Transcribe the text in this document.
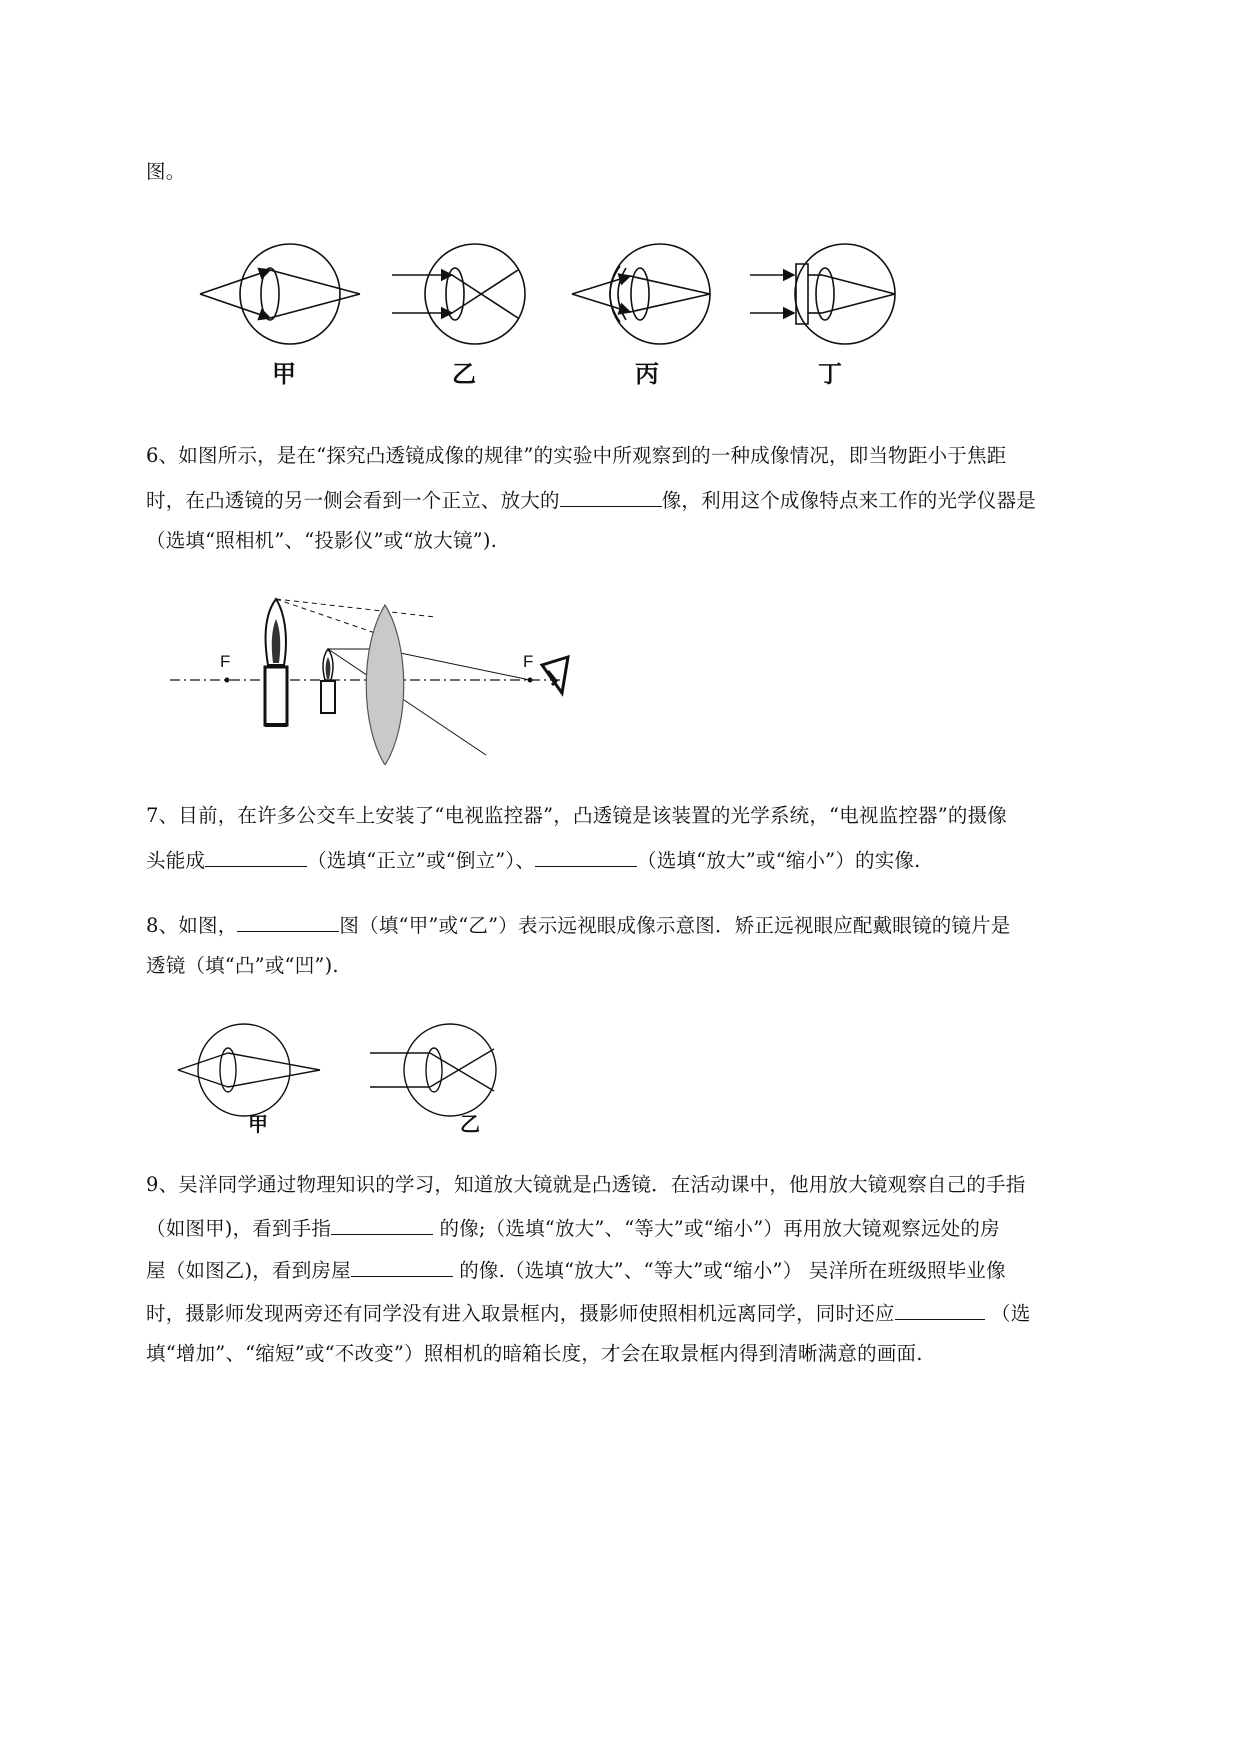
图。
甲	乙	丙	丁
6、如图所示，是在“探究凸透镜成像的规律”的实验中所观察到的一种成像情况，即当物距小于焦距
时，在凸透镜的另一侧会看到一个正立、放大的	像，利用这个成像特点来工作的光学仪器是
（选填“照相机”、“投影仪”或“放大镜”).
F	F
7、目前，在许多公交车上安装了“电视监控器”，凸透镜是该装置的光学系统，“电视监控器”的摄像
头能成	（选填“正立”或“倒立”）、	（选填“放大”或“缩小”）的实像.
8、如图，	图（填“甲”或“乙”）表示远视眼成像示意图．矫正远视眼应配戴眼镜的镜片是
透镜（填“凸”或“凹”).
甲	乙
9、吴洋同学通过物理知识的学习，知道放大镜就是凸透镜．在活动课中，他用放大镜观察自己的手指
（如图甲)，看到手指	的像;（选填“放大”、“等大”或“缩小”）再用放大镜观察远处的房
屋（如图乙)，看到房屋	的像.（选填“放大”、“等大”或“缩小”） 吴洋所在班级照毕业像
时，摄影师发现两旁还有同学没有进入取景框内，摄影师使照相机远离同学，同时还应	（选
填“增加”、“缩短”或“不改变”）照相机的暗箱长度，才会在取景框内得到清晰满意的画面.
